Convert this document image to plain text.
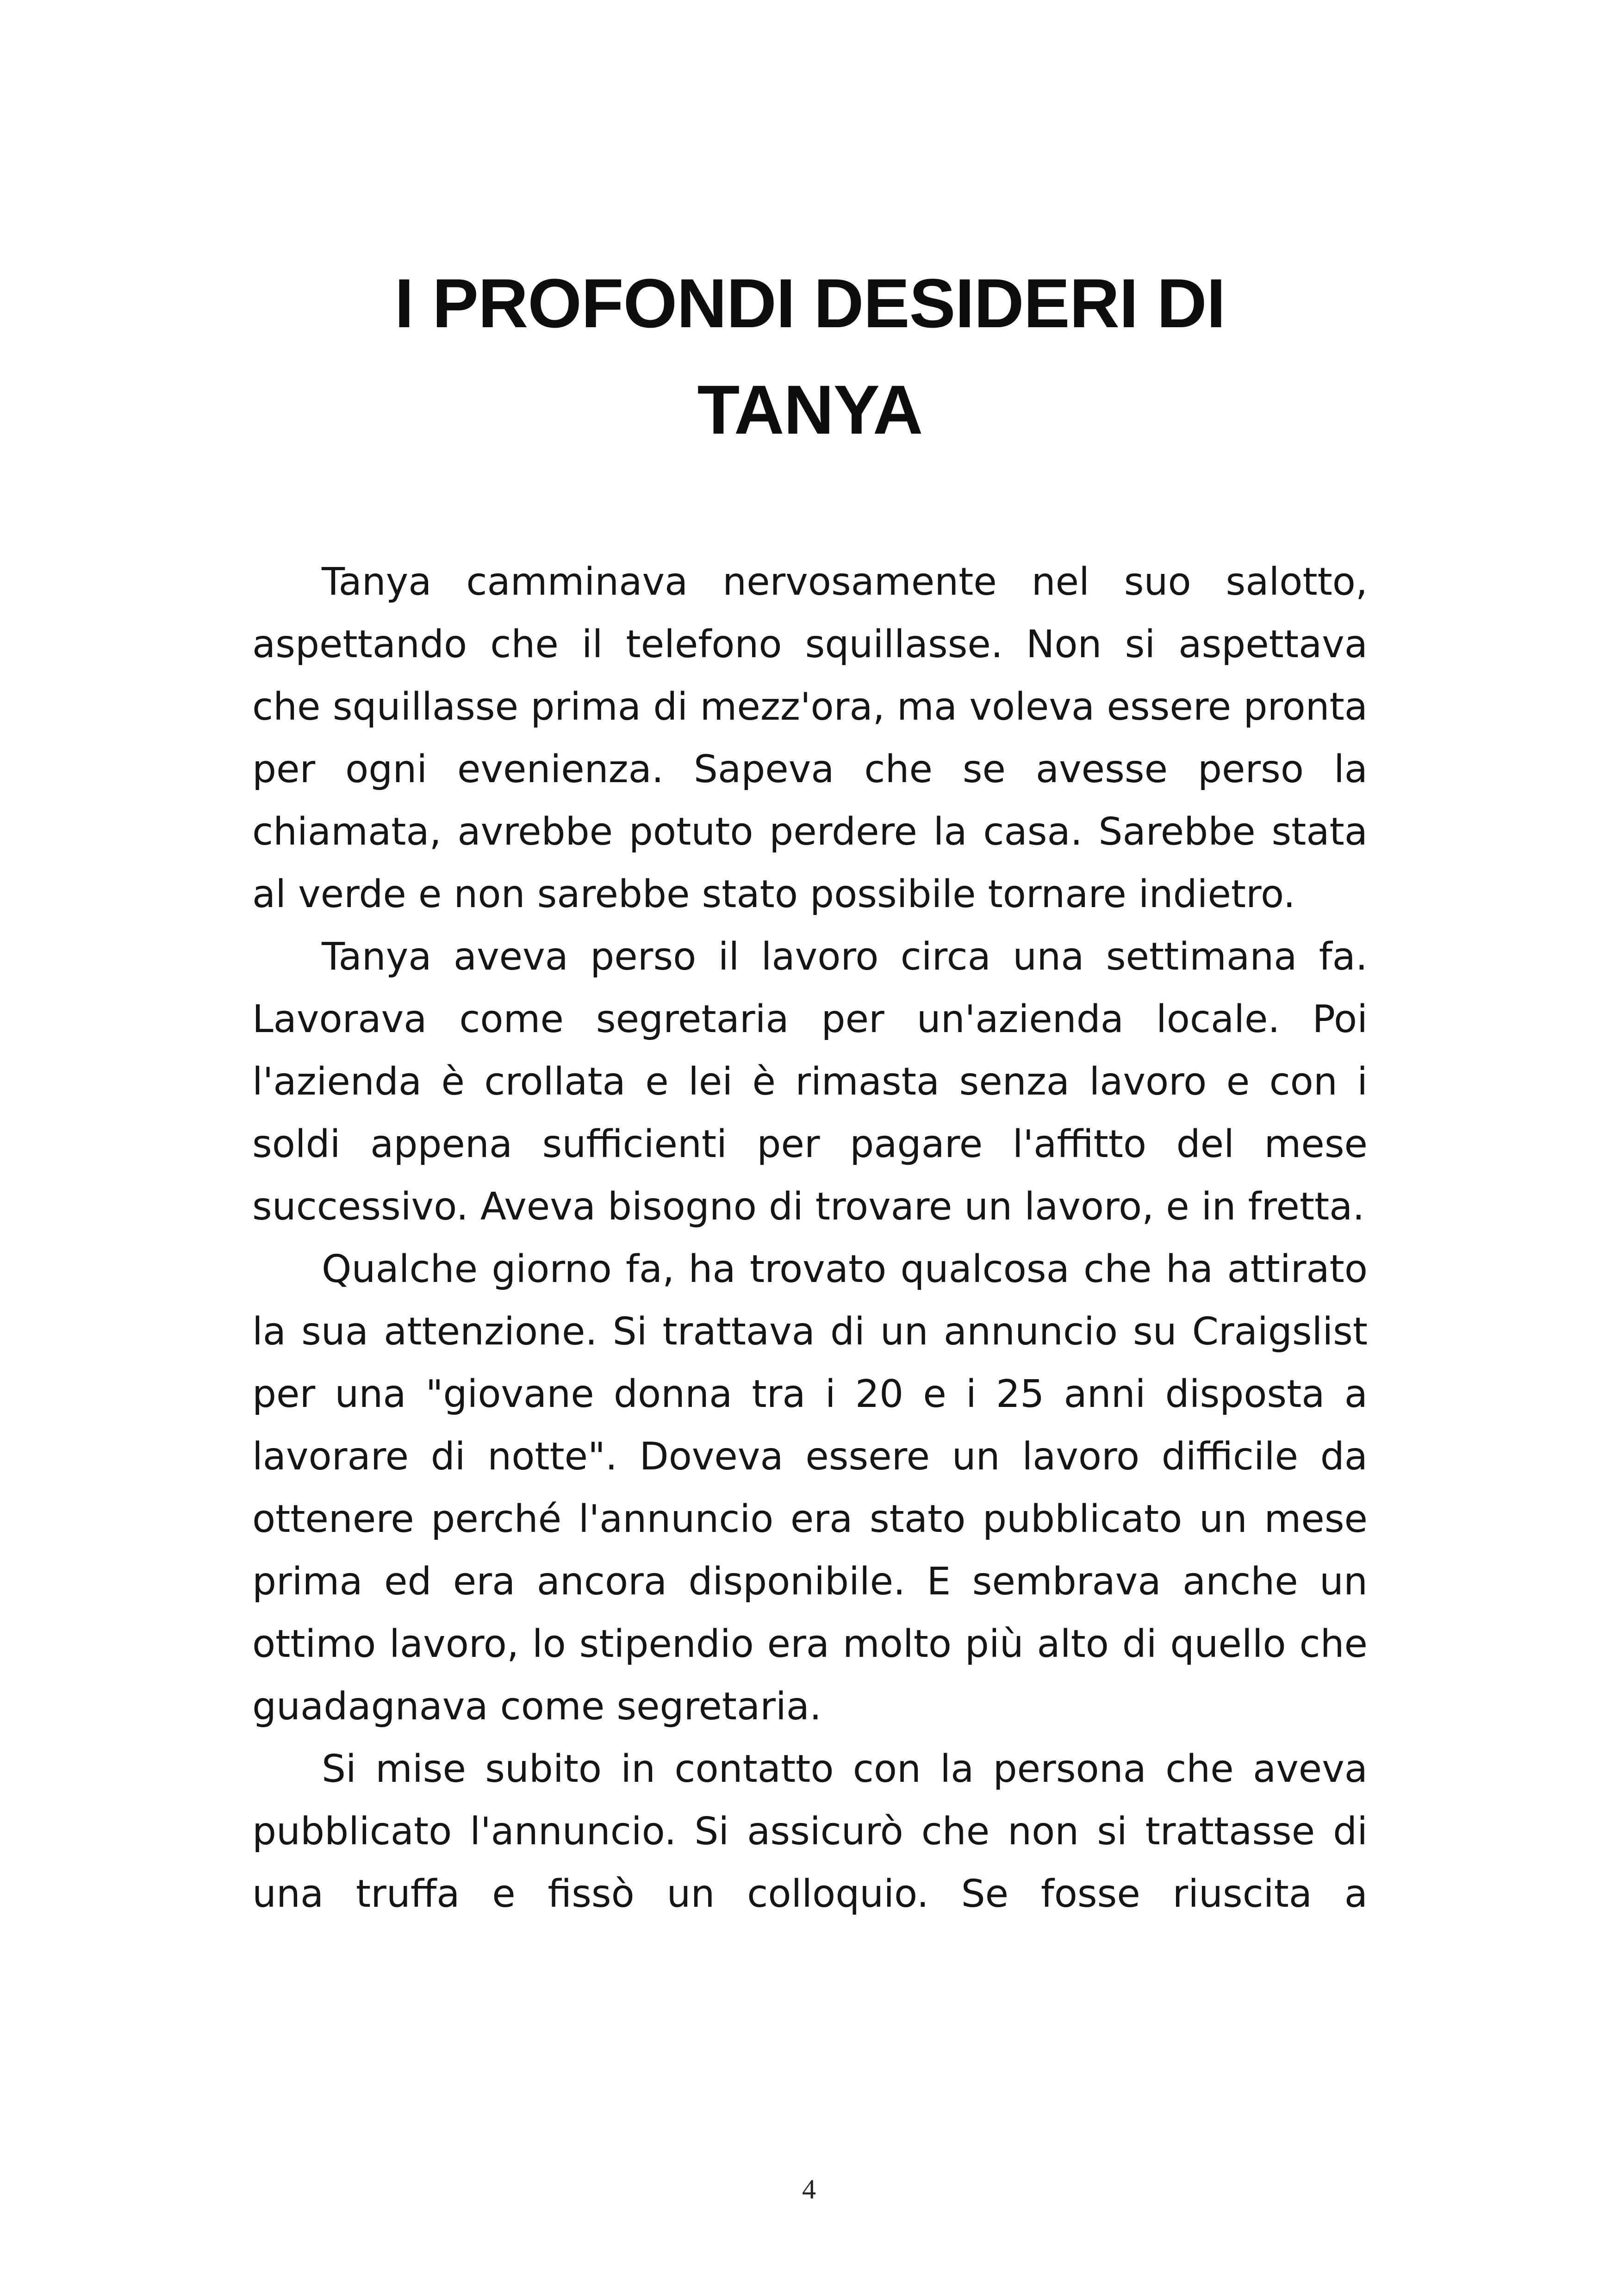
I PROFONDI DESIDERI DI
TANYA

Tanya camminava nervosamente nel suo salotto, aspettando che il telefono squillasse. Non si aspettava che squillasse prima di mezz'ora, ma voleva essere pronta per ogni evenienza. Sapeva che se avesse perso la chiamata, avrebbe potuto perdere la casa. Sarebbe stata al verde e non sarebbe stato possibile tornare indietro.

Tanya aveva perso il lavoro circa una settimana fa. Lavorava come segretaria per un'azienda locale. Poi l'azienda è crollata e lei è rimasta senza lavoro e con i soldi appena sufficienti per pagare l'affitto del mese successivo. Aveva bisogno di trovare un lavoro, e in fretta.

Qualche giorno fa, ha trovato qualcosa che ha attirato la sua attenzione. Si trattava di un annuncio su Craigslist per una "giovane donna tra i 20 e i 25 anni disposta a lavorare di notte". Doveva essere un lavoro difficile da ottenere perché l'annuncio era stato pubblicato un mese prima ed era ancora disponibile. E sembrava anche un ottimo lavoro, lo stipendio era molto più alto di quello che guadagnava come segretaria.

Si mise subito in contatto con la persona che aveva pubblicato l'annuncio. Si assicurò che non si trattasse di una truffa e fissò un colloquio. Se fosse riuscita a

4
